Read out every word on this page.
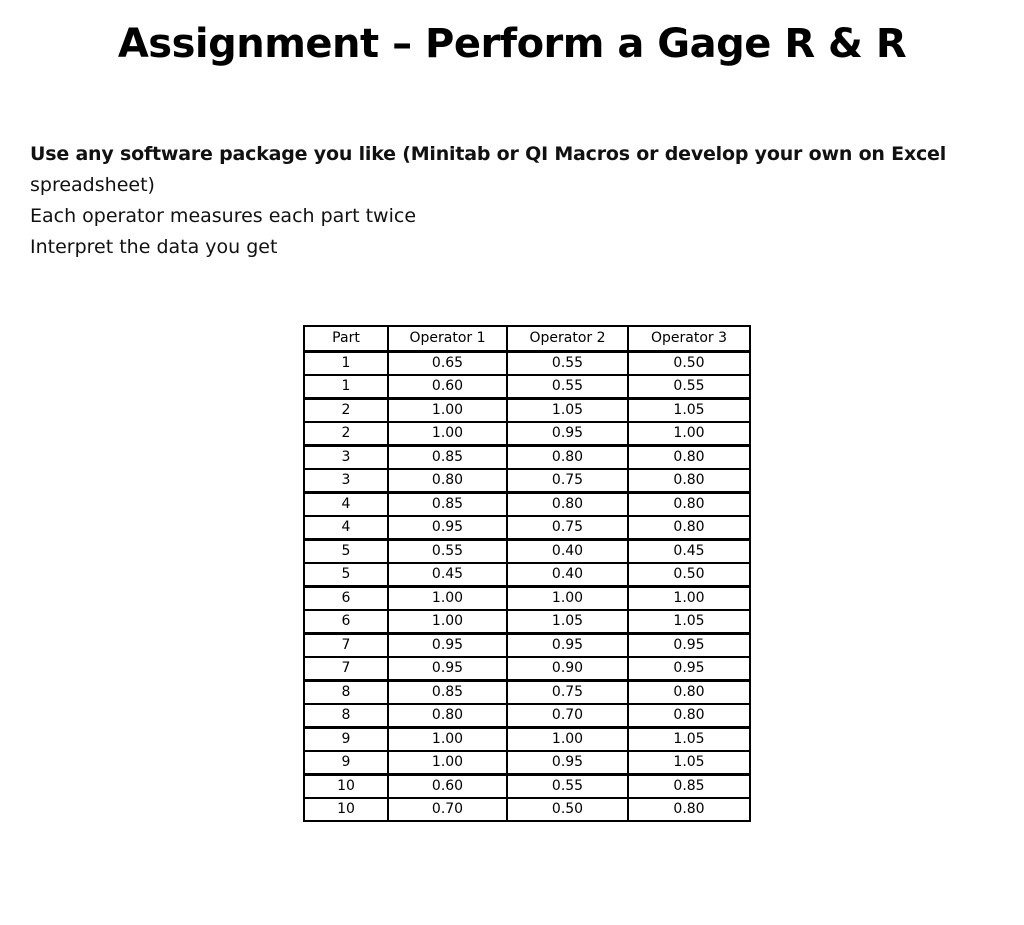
Assignment – Perform a Gage R & R
Use any software package you like (Minitab or QI Macros or develop your own on Excel
spreadsheet)
Each operator measures each part twice
Interpret the data you get
Part	Operator 1	Operator 2	Operator 3
1	0.65	0.55	0.50
1	0.60	0.55	0.55
2	1.00	1.05	1.05
2	1.00	0.95	1.00
3	0.85	0.80	0.80
3	0.80	0.75	0.80
4	0.85	0.80	0.80
4	0.95	0.75	0.80
5	0.55	0.40	0.45
5	0.45	0.40	0.50
6	1.00	1.00	1.00
6	1.00	1.05	1.05
7	0.95	0.95	0.95
7	0.95	0.90	0.95
8	0.85	0.75	0.80
8	0.80	0.70	0.80
9	1.00	1.00	1.05
9	1.00	0.95	1.05
10	0.60	0.55	0.85
10	0.70	0.50	0.80
